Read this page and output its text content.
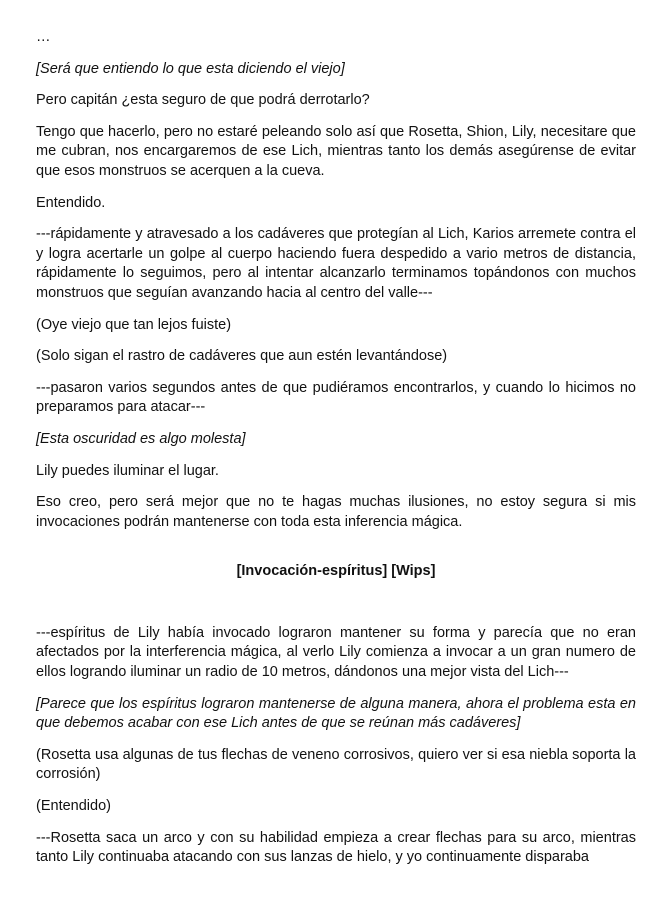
…

[Será que entiendo lo que esta diciendo el viejo]

Pero capitán ¿esta seguro de que podrá derrotarlo?

Tengo que hacerlo, pero no estaré peleando solo así que Rosetta, Shion, Lily, necesitare que me cubran, nos encargaremos de ese Lich, mientras tanto los demás asegúrense de evitar que esos monstruos se acerquen a la cueva.

Entendido.

---rápidamente y atravesado a los cadáveres que protegían al Lich, Karios arremete contra el y logra acertarle un golpe al cuerpo haciendo fuera despedido a vario metros de distancia, rápidamente lo seguimos, pero al intentar alcanzarlo terminamos topándonos con muchos monstruos que seguían avanzando hacia al centro del valle---

(Oye viejo que tan lejos fuiste)

(Solo sigan el rastro de cadáveres que aun estén levantándose)

---pasaron varios segundos antes de que pudiéramos encontrarlos, y cuando lo hicimos no preparamos para atacar---

[Esta oscuridad es algo molesta]

Lily puedes iluminar el lugar.

Eso creo, pero será mejor que no te hagas muchas ilusiones, no estoy segura si mis invocaciones podrán mantenerse con toda esta inferencia mágica.

[Invocación-espíritus] [Wips]

---espíritus de Lily había invocado lograron mantener su forma y parecía que no eran afectados por la interferencia mágica, al verlo Lily comienza a invocar a un gran numero de ellos logrando iluminar un radio de 10 metros, dándonos una mejor vista del Lich---

[Parece que los espíritus lograron mantenerse de alguna manera, ahora el problema esta en que debemos acabar con ese Lich antes de que se reúnan más cadáveres]

(Rosetta usa algunas de tus flechas de veneno corrosivos, quiero ver si esa niebla soporta la corrosión)

(Entendido)

---Rosetta saca un arco y con su habilidad empieza a crear flechas para su arco, mientras tanto Lily continuaba atacando con sus lanzas de hielo, y yo continuamente disparaba
